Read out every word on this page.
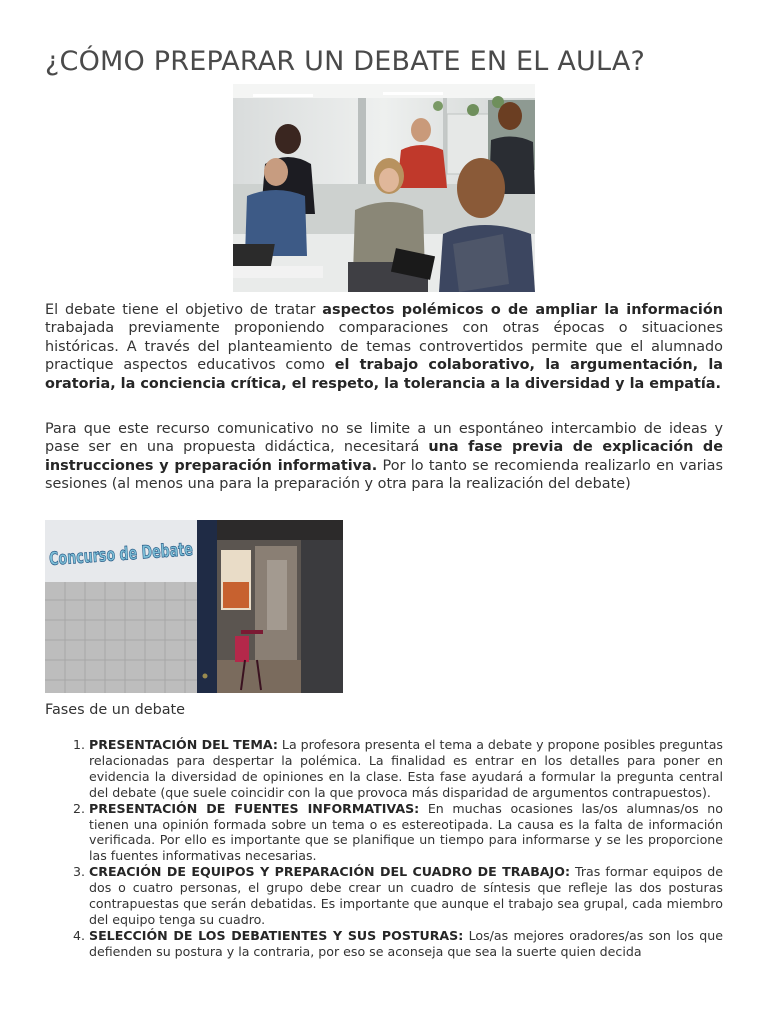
¿CÓMO PREPARAR UN DEBATE EN EL AULA?

El debate tiene el objetivo de tratar aspectos polémicos o de ampliar la información trabajada previamente proponiendo comparaciones con otras épocas o situaciones históricas. A través del planteamiento de temas controvertidos permite que el alumnado practique aspectos educativos como el trabajo colaborativo, la argumentación, la oratoria, la conciencia crítica, el respeto, la tolerancia a la diversidad y la empatía.

Para que este recurso comunicativo no se limite a un espontáneo intercambio de ideas y pase ser en una propuesta didáctica, necesitará una fase previa de explicación de instrucciones y preparación informativa. Por lo tanto se recomienda realizarlo en varias sesiones (al menos una para la preparación y otra para la realización del debate)

Concurso de Debate

Fases de un debate

1. PRESENTACIÓN DEL TEMA: La profesora presenta el tema a debate y propone posibles preguntas relacionadas para despertar la polémica. La finalidad es entrar en los detalles para poner en evidencia la diversidad de opiniones en la clase. Esta fase ayudará a formular la pregunta central del debate (que suele coincidir con la que provoca más disparidad de argumentos contrapuestos).
2. PRESENTACIÓN DE FUENTES INFORMATIVAS: En muchas ocasiones las/os alumnas/os no tienen una opinión formada sobre un tema o es estereotipada. La causa es la falta de información verificada. Por ello es importante que se planifique un tiempo para informarse y se les proporcione las fuentes informativas necesarias.
3. CREACIÓN DE EQUIPOS Y PREPARACIÓN DEL CUADRO DE TRABAJO: Tras formar equipos de dos o cuatro personas, el grupo debe crear un cuadro de síntesis que refleje las dos posturas contrapuestas que serán debatidas. Es importante que aunque el trabajo sea grupal, cada miembro del equipo tenga su cuadro.
4. SELECCIÓN DE LOS DEBATIENTES Y SUS POSTURAS: Los/as mejores oradores/as son los que defienden su postura y la contraria, por eso se aconseja que sea la suerte quien decida
